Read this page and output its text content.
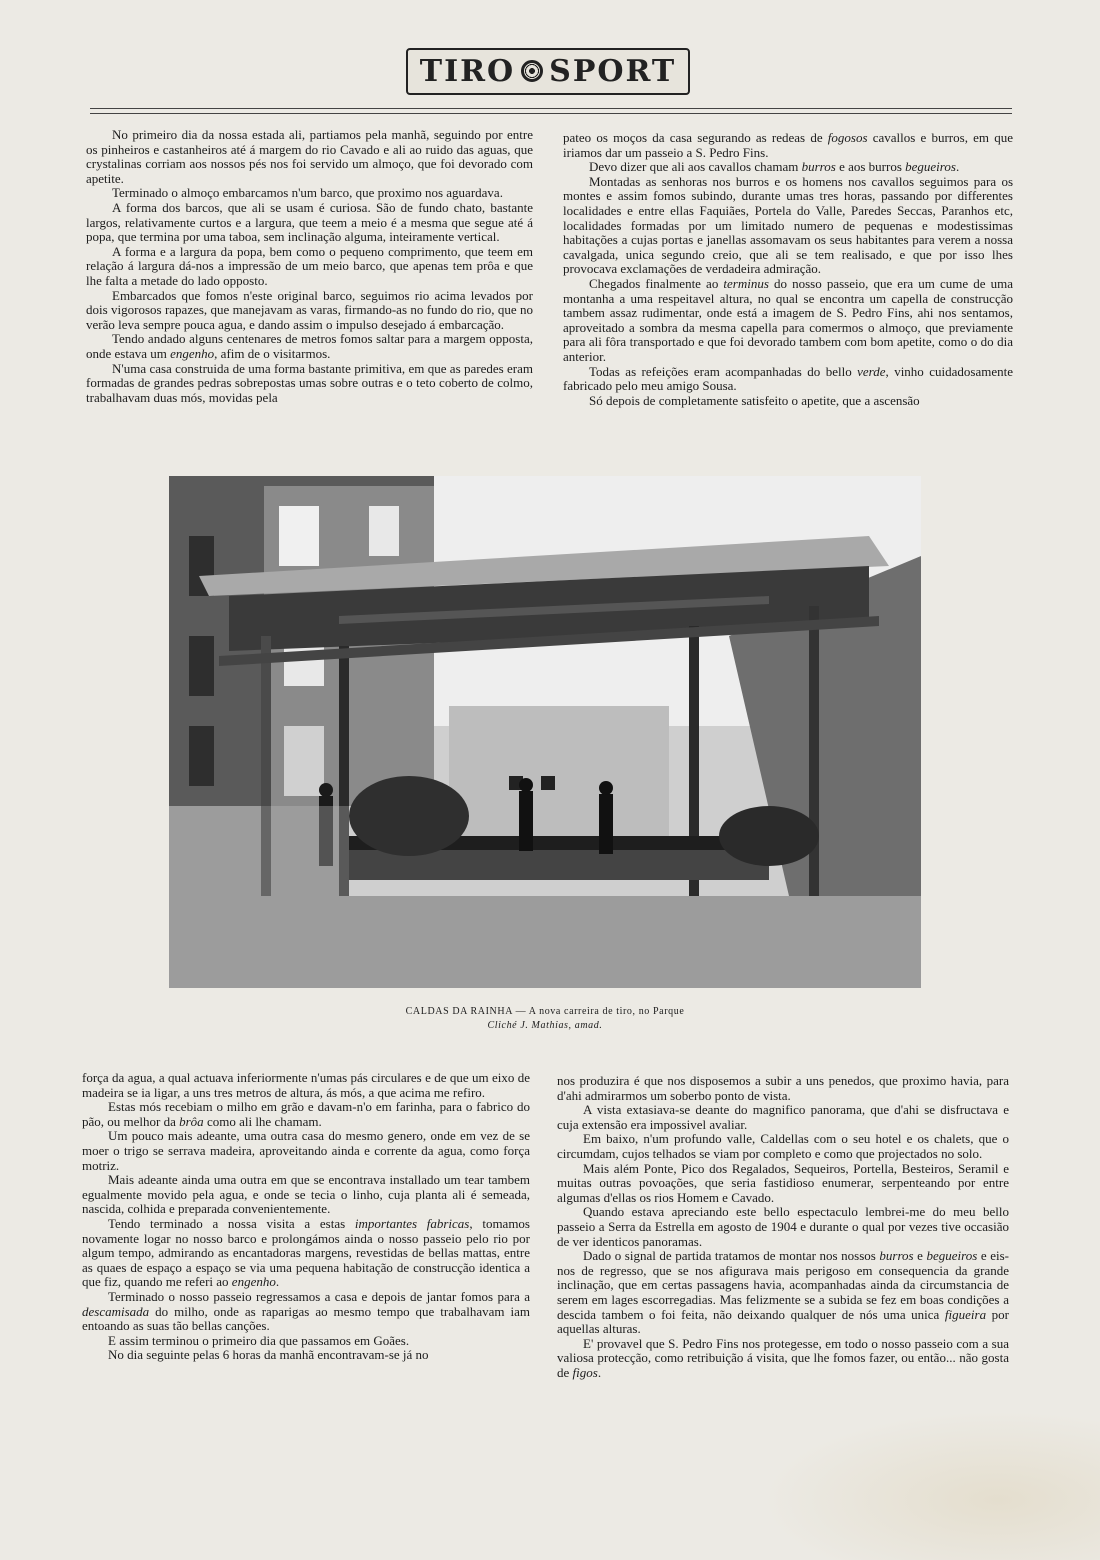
TIRO SPORT

No primeiro dia da nossa estada ali, partiamos pela manhã, seguindo por entre os pinheiros e castanheiros até á margem do rio Cavado e ali ao ruido das aguas, que crystalinas corriam aos nossos pés nos foi servido um almoço, que foi devorado com apetite.

Terminado o almoço embarcamos n'um barco, que proximo nos aguardava.

A forma dos barcos, que ali se usam é curiosa. São de fundo chato, bastante largos, relativamente curtos e a largura, que teem a meio é a mesma que segue até á popa, que termina por uma taboa, sem inclinação alguma, inteiramente vertical.

A forma e a largura da popa, bem como o pequeno comprimento, que teem em relação á largura dá-nos a impressão de um meio barco, que apenas tem prôa e que lhe falta a metade do lado opposto.

Embarcados que fomos n'este original barco, seguimos rio acima levados por dois vigorosos rapazes, que manejavam as varas, firmando-as no fundo do rio, que no verão leva sempre pouca agua, e dando assim o impulso desejado á embarcação.

Tendo andado alguns centenares de metros fomos saltar para a margem opposta, onde estava um engenho, afim de o visitarmos.

N'uma casa construida de uma forma bastante primitiva, em que as paredes eram formadas de grandes pedras sobrepostas umas sobre outras e o teto coberto de colmo, trabalhavam duas mós, movidas pela

pateo os moços da casa segurando as redeas de fogosos cavallos e burros, em que iriamos dar um passeio a S. Pedro Fins.

Devo dizer que ali aos cavallos chamam burros e aos burros begueiros.

Montadas as senhoras nos burros e os homens nos cavallos seguimos para os montes e assim fomos subindo, durante umas tres horas, passando por differentes localidades e entre ellas Faquiães, Portela do Valle, Paredes Seccas, Paranhos etc, localidades formadas por um limitado numero de pequenas e modestissimas habitações a cujas portas e janellas assomavam os seus habitantes para verem a nossa cavalgada, unica segundo creio, que ali se tem realisado, e que por isso lhes provocava exclamações de verdadeira admiração.

Chegados finalmente ao terminus do nosso passeio, que era um cume de uma montanha a uma respeitavel altura, no qual se encontra um capella de construcção tambem assaz rudimentar, onde está a imagem de S. Pedro Fins, ahi nos sentamos, aproveitado a sombra da mesma capella para comermos o almoço, que previamente para ali fôra transportado e que foi devorado tambem com bom apetite, como o do dia anterior.

Todas as refeições eram acompanhadas do bello verde, vinho cuidadosamente fabricado pelo meu amigo Sousa.

Só depois de completamente satisfeito o apetite, que a ascensão

CALDAS DA RAINHA — A nova carreira de tiro, no Parque
Cliché J. Mathias, amad.

força da agua, a qual actuava inferiormente n'umas pás circulares e de que um eixo de madeira se ia ligar, a uns tres metros de altura, ás mós, a que acima me refiro.

Estas mós recebiam o milho em grão e davam-n'o em farinha, para o fabrico do pão, ou melhor da brôa como ali lhe chamam.

Um pouco mais adeante, uma outra casa do mesmo genero, onde em vez de se moer o trigo se serrava madeira, aproveitando ainda e corrente da agua, como força motriz.

Mais adeante ainda uma outra em que se encontrava installado um tear tambem egualmente movido pela agua, e onde se tecia o linho, cuja planta ali é semeada, nascida, colhida e preparada convenientemente.

Tendo terminado a nossa visita a estas importantes fabricas, tomamos novamente logar no nosso barco e prolongámos ainda o nosso passeio pelo rio por algum tempo, admirando as encantadoras margens, revestidas de bellas mattas, entre as quaes de espaço a espaço se via uma pequena habitação de construcção identica a que fiz, quando me referi ao engenho.

Terminado o nosso passeio regressamos a casa e depois de jantar fomos para a descamisada do milho, onde as raparigas ao mesmo tempo que trabalhavam iam entoando as suas tão bellas canções.

E assim terminou o primeiro dia que passamos em Goães.

No dia seguinte pelas 6 horas da manhã encontravam-se já no

nos produzira é que nos disposemos a subir a uns penedos, que proximo havia, para d'ahi admirarmos um soberbo ponto de vista.

A vista extasiava-se deante do magnifico panorama, que d'ahi se disfructava e cuja extensão era impossivel avaliar.

Em baixo, n'um profundo valle, Caldellas com o seu hotel e os chalets, que o circumdam, cujos telhados se viam por completo e como que projectados no solo.

Mais além Ponte, Pico dos Regalados, Sequeiros, Portella, Besteiros, Seramil e muitas outras povoações, que seria fastidioso enumerar, serpenteando por entre algumas d'ellas os rios Homem e Cavado.

Quando estava apreciando este bello espectaculo lembrei-me do meu bello passeio a Serra da Estrella em agosto de 1904 e durante o qual por vezes tive occasião de ver identicos panoramas.

Dado o signal de partida tratamos de montar nos nossos burros e begueiros e eis-nos de regresso, que se nos afigurava mais perigoso em consequencia da grande inclinação, que em certas passagens havia, acompanhadas ainda da circumstancia de serem em lages escorregadias. Mas felizmente se a subida se fez em boas condições a descida tambem o foi feita, não deixando qualquer de nós uma unica figueira por aquellas alturas.

E' provavel que S. Pedro Fins nos protegesse, em todo o nosso passeio com a sua valiosa protecção, como retribuição á visita, que lhe fomos fazer, ou então... não gosta de figos.
